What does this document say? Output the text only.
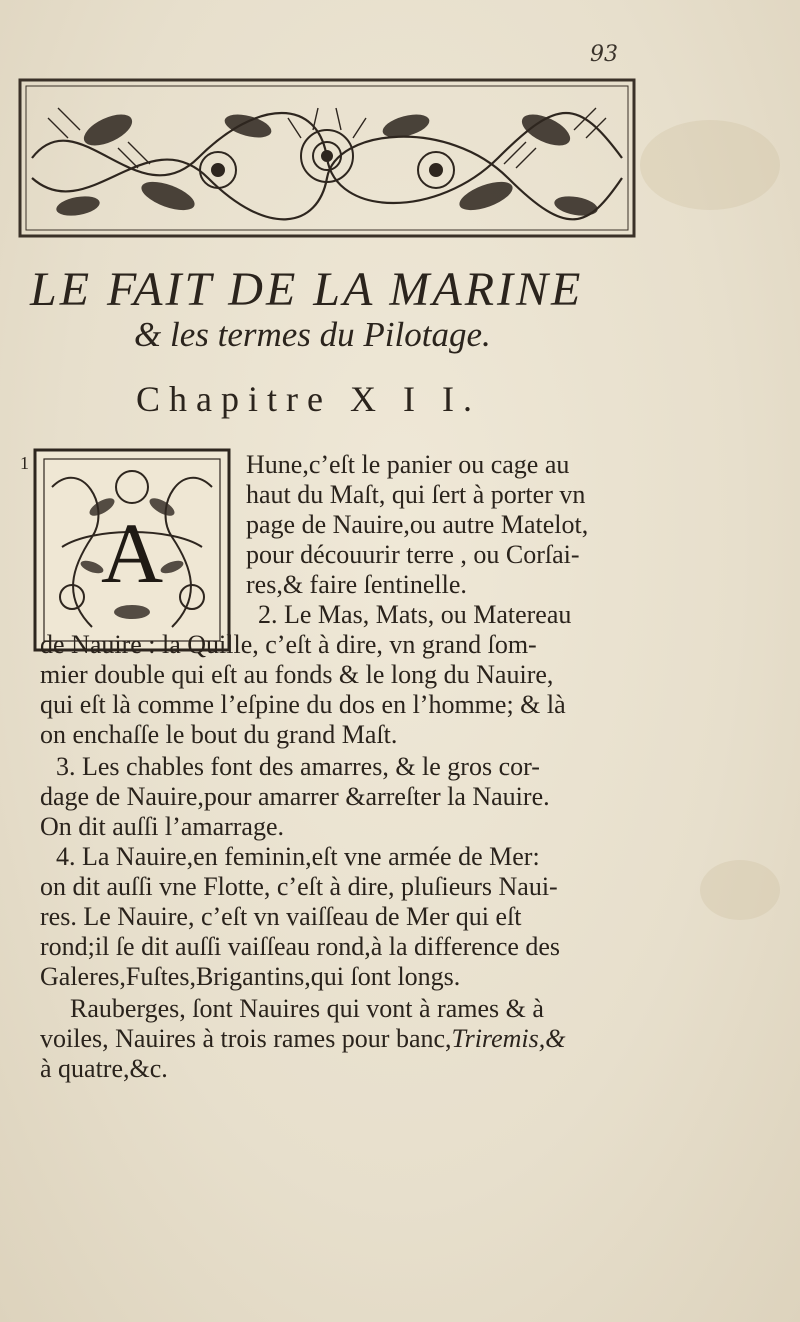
93
LE FAIT DE LA MARINE
& les termes du Pilotage.
Chapitre X I I.
1
A
Hune,c’eſt le panier ou cage au
haut du Maſt, qui ſert à porter vn
page de Nauire,ou autre Matelot,
pour découurir terre , ou Corſai-
res,& faire ſentinelle.
2. Le Mas, Mats, ou Matereau
de Nauire : la Quille, c’eſt à dire, vn grand ſom-
mier double qui eſt au fonds & le long du Nauire,
qui eſt là comme l’eſpine du dos en l’homme; & là
on enchaſſe le bout du grand Maſt.
3. Les chables font des amarres, & le gros cor-
dage de Nauire,pour amarrer &arreſter la Nauire.
On dit auſſi l’amarrage.
4. La Nauire,en feminin,eſt vne armée de Mer:
on dit auſſi vne Flotte, c’eſt à dire, pluſieurs Naui-
res. Le Nauire, c’eſt vn vaiſſeau de Mer qui eſt
rond;il ſe dit auſſi vaiſſeau rond,à la difference des
Galeres,Fuſtes,Brigantins,qui ſont longs.
Rauberges, ſont Nauires qui vont à rames & à
voiles, Nauires à trois rames pour banc,Triremis,&
à quatre,&c.
